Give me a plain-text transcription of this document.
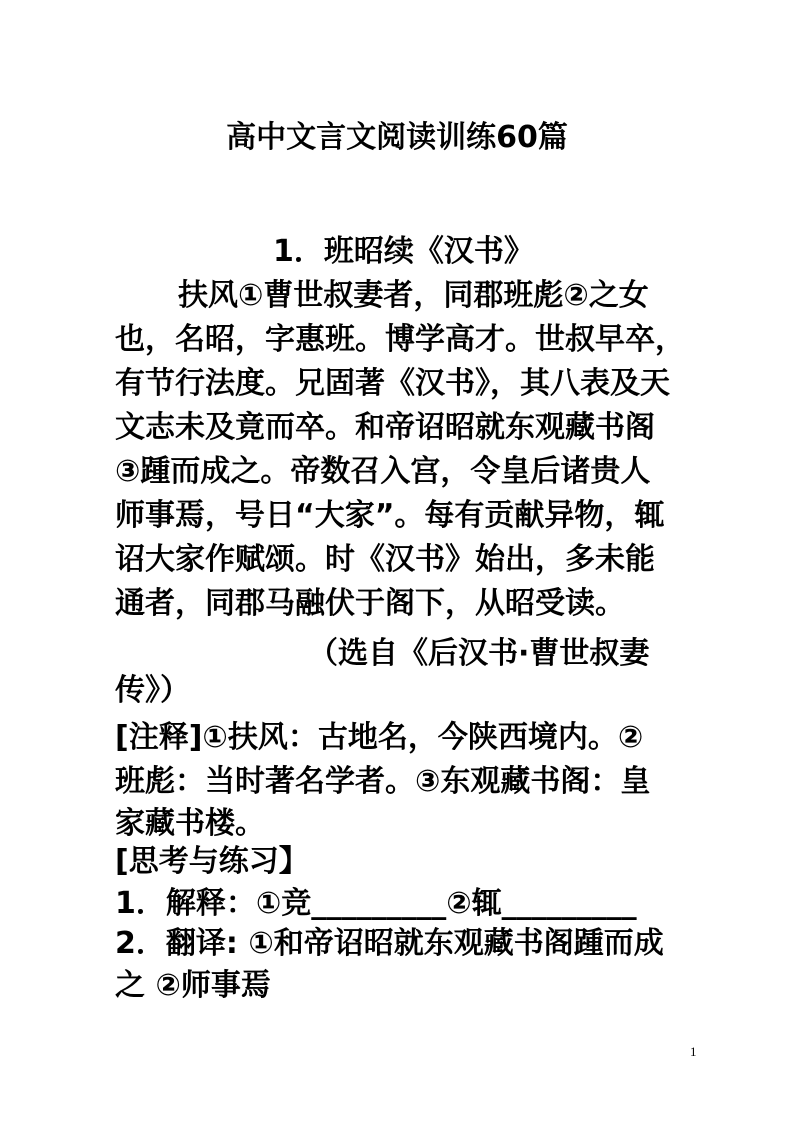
高中文言文阅读训练60篇
1．班昭续《汉书》
扶风①曹世叔妻者，同郡班彪②之女
也，名昭，字惠班。博学高才。世叔早卒，
有节行法度。兄固著《汉书》，其八表及天
文志未及竟而卒。和帝诏昭就东观藏书阁
③踵而成之。帝数召入宫，令皇后诸贵人
师事焉，号日“大家”。每有贡献异物，辄
诏大家作赋颂。时《汉书》始出，多未能
通者，同郡马融伏于阁下，从昭受读。
（选自《后汉书·曹世叔妻
传》）
[注释]①扶风：古地名，今陕西境内。②
班彪：当时著名学者。③东观藏书阁：皇
家藏书楼。
[思考与练习】
1．解释：①竞_________②辄_________
2．翻译: ①和帝诏昭就东观藏书阁踵而成
之 ②师事焉
1
